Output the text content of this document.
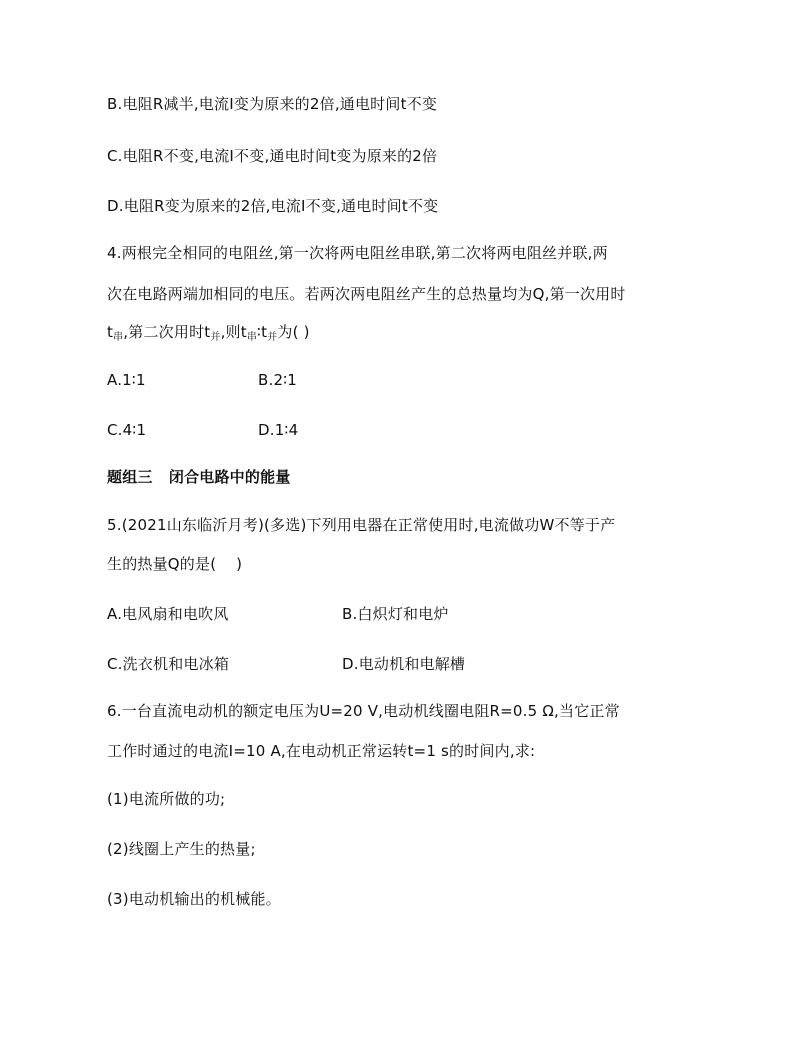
B.电阻R减半,电流I变为原来的2倍,通电时间t不变
C.电阻R不变,电流I不变,通电时间t变为原来的2倍
D.电阻R变为原来的2倍,电流I不变,通电时间t不变
4.两根完全相同的电阻丝,第一次将两电阻丝串联,第二次将两电阻丝并联,两
次在电路两端加相同的电压。若两次两电阻丝产生的总热量均为Q,第一次用时
$t_串$,第二次用时$t_并$,则$t_串∶t_并$为( )
A.1∶1	B.2∶1
C.4∶1	D.1∶4
题组三   闭合电路中的能量
5.(2021山东临沂月考)(多选)下列用电器在正常使用时,电流做功W不等于产
生的热量Q的是(    )
A.电风扇和电吹风	B.白炽灯和电炉
C.洗衣机和电冰箱	D.电动机和电解槽
6.一台直流电动机的额定电压为U=20 V,电动机线圈电阻R=0.5 Ω,当它正常
工作时通过的电流I=10 A,在电动机正常运转t=1 s的时间内,求:
(1)电流所做的功;
(2)线圈上产生的热量;
(3)电动机输出的机械能。
